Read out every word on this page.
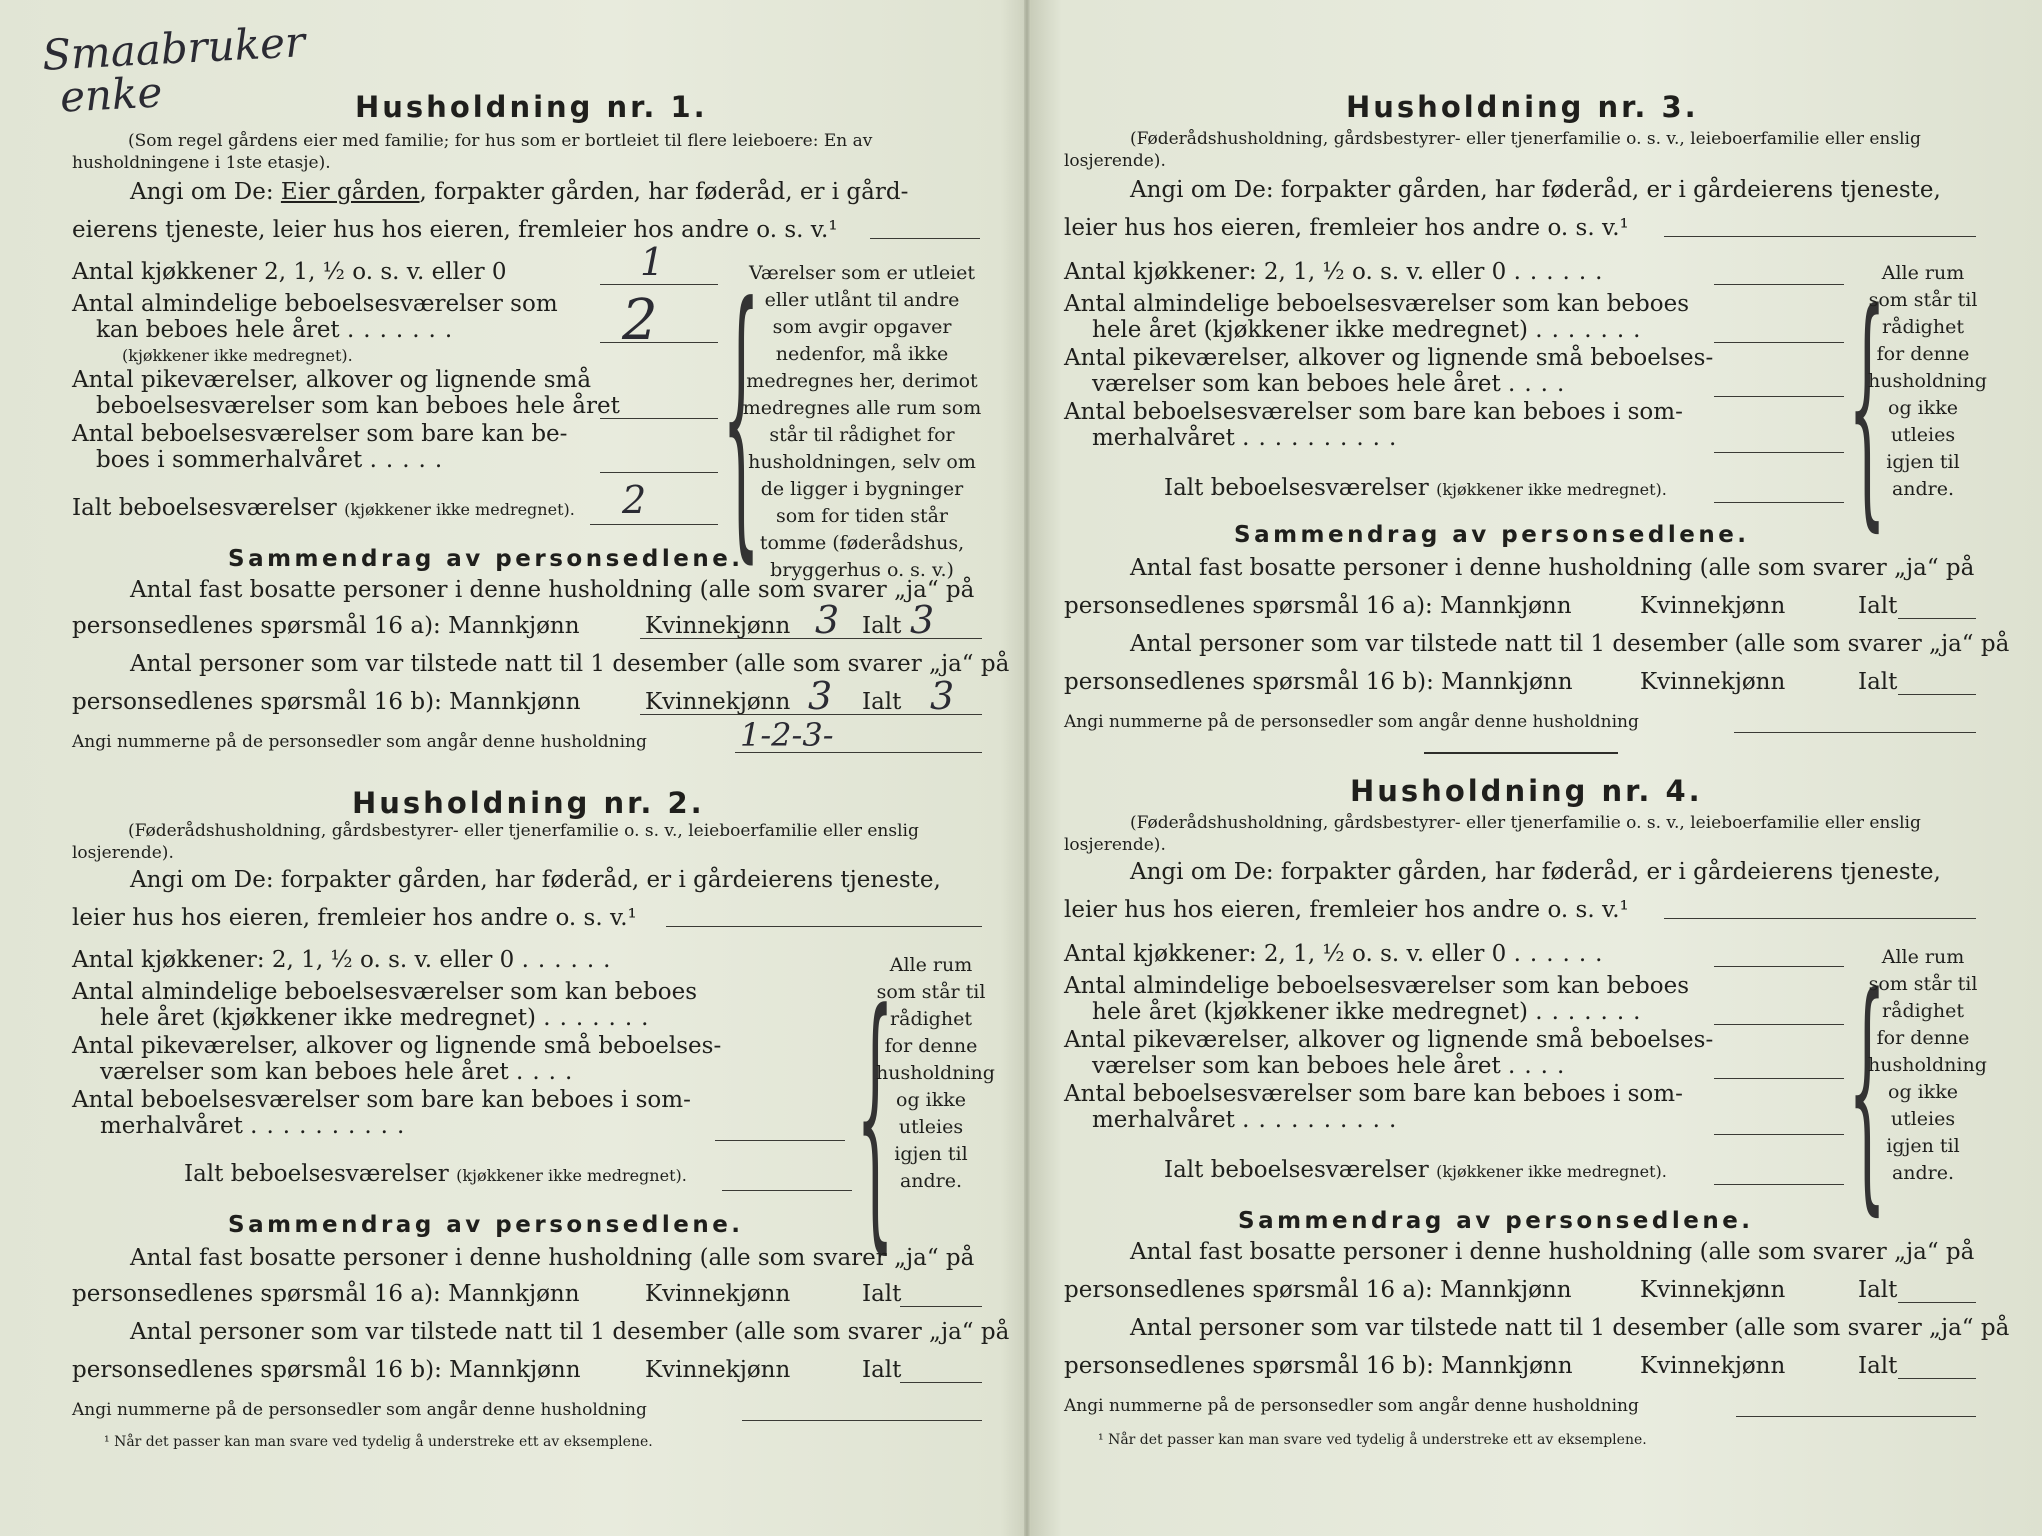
Smaabruker
enke	Husholdning nr. 1.
(Som regel gårdens eier med familie; for hus som er bortleiet til flere leieboere: En av husholdningene i 1ste etasje).
Angi om De: Eier gården, forpakter gården, har føderåd, er i gård-
eierens tjeneste, leier hus hos eieren, fremleier hos andre o. s. v.¹
Antal kjøkkener 2, 1, ½ o. s. v. eller 0	1
Antal almindelige beboelsesværelser som
kan beboes hele året .......	2
(kjøkkener ikke medregnet).
Antal pikeværelser, alkover og lignende små
beboelsesværelser som kan beboes hele året
Antal beboelsesværelser som bare kan be-
boes i sommerhalvåret .....
Ialt beboelsesværelser (kjøkkener ikke medregnet). 2 {
Værelser som er utleiet eller utlånt til andre som avgir opgaver nedenfor, må ikke medregnes her, derimot medregnes alle rum som står til rådighet for husholdningen, selv om de ligger i bygninger som for tiden står tomme (føderådshus, bryggerhus o. s. v.)
Sammendrag av personsedlene.
Antal fast bosatte personer i denne husholdning (alle som svarer „ja“ på
personsedlenes spørsmål 16 a): Mannkjønn	Kvinnekjønn 3 Ialt 3
Antal personer som var tilstede natt til 1 desember (alle som svarer „ja“ på
personsedlenes spørsmål 16 b): Mannkjønn	Kvinnekjønn 3 Ialt 3
Angi nummerne på de personsedler som angår denne husholdning	1-2-3-
Husholdning nr. 2.
(Føderådshusholdning, gårdsbestyrer- eller tjenerfamilie o. s. v., leieboerfamilie eller enslig losjerende).
Angi om De: forpakter gården, har føderåd, er i gårdeierens tjeneste,
leier hus hos eieren, fremleier hos andre o. s. v.¹
Antal kjøkkener: 2, 1, ½ o. s. v. eller 0 ......
Antal almindelige beboelsesværelser som kan beboes
hele året (kjøkkener ikke medregnet) .......
Antal pikeværelser, alkover og lignende små beboelses-
værelser som kan beboes hele året ....
Antal beboelsesværelser som bare kan beboes i som-
merhalvåret ..........
Ialt beboelsesværelser (kjøkkener ikke medregnet).	{
Alle rum som står til rådighet for denne husholdning og ikke utleies igjen til andre.
Sammendrag av personsedlene.
Antal fast bosatte personer i denne husholdning (alle som svarer „ja“ på
personsedlenes spørsmål 16 a): Mannkjønn	Kvinnekjønn	Ialt
Antal personer som var tilstede natt til 1 desember (alle som svarer „ja“ på
personsedlenes spørsmål 16 b): Mannkjønn	Kvinnekjønn	Ialt
Angi nummerne på de personsedler som angår denne husholdning
¹ Når det passer kan man svare ved tydelig å understreke ett av eksemplene.
Husholdning nr. 3.
(Føderådshusholdning, gårdsbestyrer- eller tjenerfamilie o. s. v., leieboerfamilie eller enslig losjerende).
Angi om De: forpakter gården, har føderåd, er i gårdeierens tjeneste,
leier hus hos eieren, fremleier hos andre o. s. v.¹
Antal kjøkkener: 2, 1, ½ o. s. v. eller 0 ......
Antal almindelige beboelsesværelser som kan beboes
hele året (kjøkkener ikke medregnet) .......
Antal pikeværelser, alkover og lignende små beboelses-
værelser som kan beboes hele året ....
Antal beboelsesværelser som bare kan beboes i som-
merhalvåret ..........
Ialt beboelsesværelser (kjøkkener ikke medregnet).	{
Alle rum som står til rådighet for denne husholdning og ikke utleies igjen til andre.
Sammendrag av personsedlene.
Antal fast bosatte personer i denne husholdning (alle som svarer „ja“ på
personsedlenes spørsmål 16 a): Mannkjønn	Kvinnekjønn	Ialt
Antal personer som var tilstede natt til 1 desember (alle som svarer „ja“ på
personsedlenes spørsmål 16 b): Mannkjønn	Kvinnekjønn	Ialt
Angi nummerne på de personsedler som angår denne husholdning
Husholdning nr. 4.
(Føderådshusholdning, gårdsbestyrer- eller tjenerfamilie o. s. v., leieboerfamilie eller enslig losjerende).
Angi om De: forpakter gården, har føderåd, er i gårdeierens tjeneste,
leier hus hos eieren, fremleier hos andre o. s. v.¹
Antal kjøkkener: 2, 1, ½ o. s. v. eller 0 ......
Antal almindelige beboelsesværelser som kan beboes
hele året (kjøkkener ikke medregnet) .......
Antal pikeværelser, alkover og lignende små beboelses-
værelser som kan beboes hele året ....
Antal beboelsesværelser som bare kan beboes i som-
merhalvåret ..........
Ialt beboelsesværelser (kjøkkener ikke medregnet).	{
Alle rum som står til rådighet for denne husholdning og ikke utleies igjen til andre.
Sammendrag av personsedlene.
Antal fast bosatte personer i denne husholdning (alle som svarer „ja“ på
personsedlenes spørsmål 16 a): Mannkjønn	Kvinnekjønn	Ialt
Antal personer som var tilstede natt til 1 desember (alle som svarer „ja“ på
personsedlenes spørsmål 16 b): Mannkjønn	Kvinnekjønn	Ialt
Angi nummerne på de personsedler som angår denne husholdning
¹ Når det passer kan man svare ved tydelig å understreke ett av eksemplene.
